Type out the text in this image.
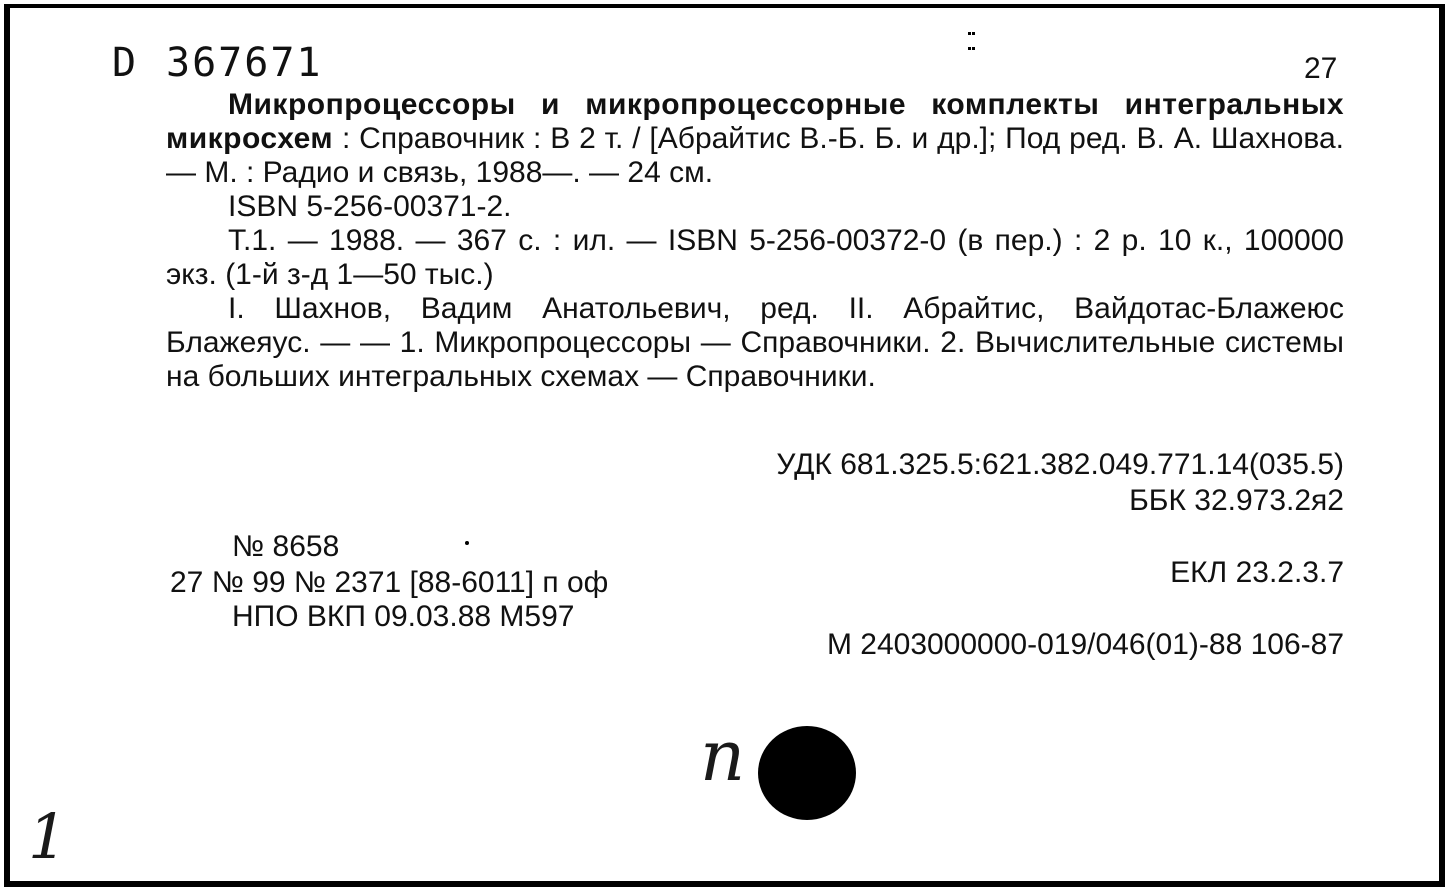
D 367671	27

Микропроцессоры и микропроцессорные комплекты интегральных микросхем : Справочник : В 2 т. / [Абрайтис В.-Б. Б. и др.]; Под ред. В. А. Шахнова. — М. : Радио и связь, 1988—. — 24 см.

ISBN 5-256-00371-2.

Т.1. — 1988. — 367 с. : ил. — ISBN 5-256-00372-0 (в пер.) : 2 р. 10 к., 100000 экз. (1-й з-д 1—50 тыс.)

I. Шахнов, Вадим Анатольевич, ред. II. Абрайтис, Вайдотас-Блажеюс Блажеяус. — — 1. Микропроцессоры — Справочники. 2. Вычислительные системы на больших интегральных схемах — Справочники.

УДК 681.325.5:621.382.049.771.14(035.5)
ББК 32.973.2я2
№ 8658
27 № 99 № 2371 [88-6011] п оф
НПО ВКП 09.03.88 М597
ЕКЛ 23.2.3.7
М 2403000000-019/046(01)-88 106-87
n
1
